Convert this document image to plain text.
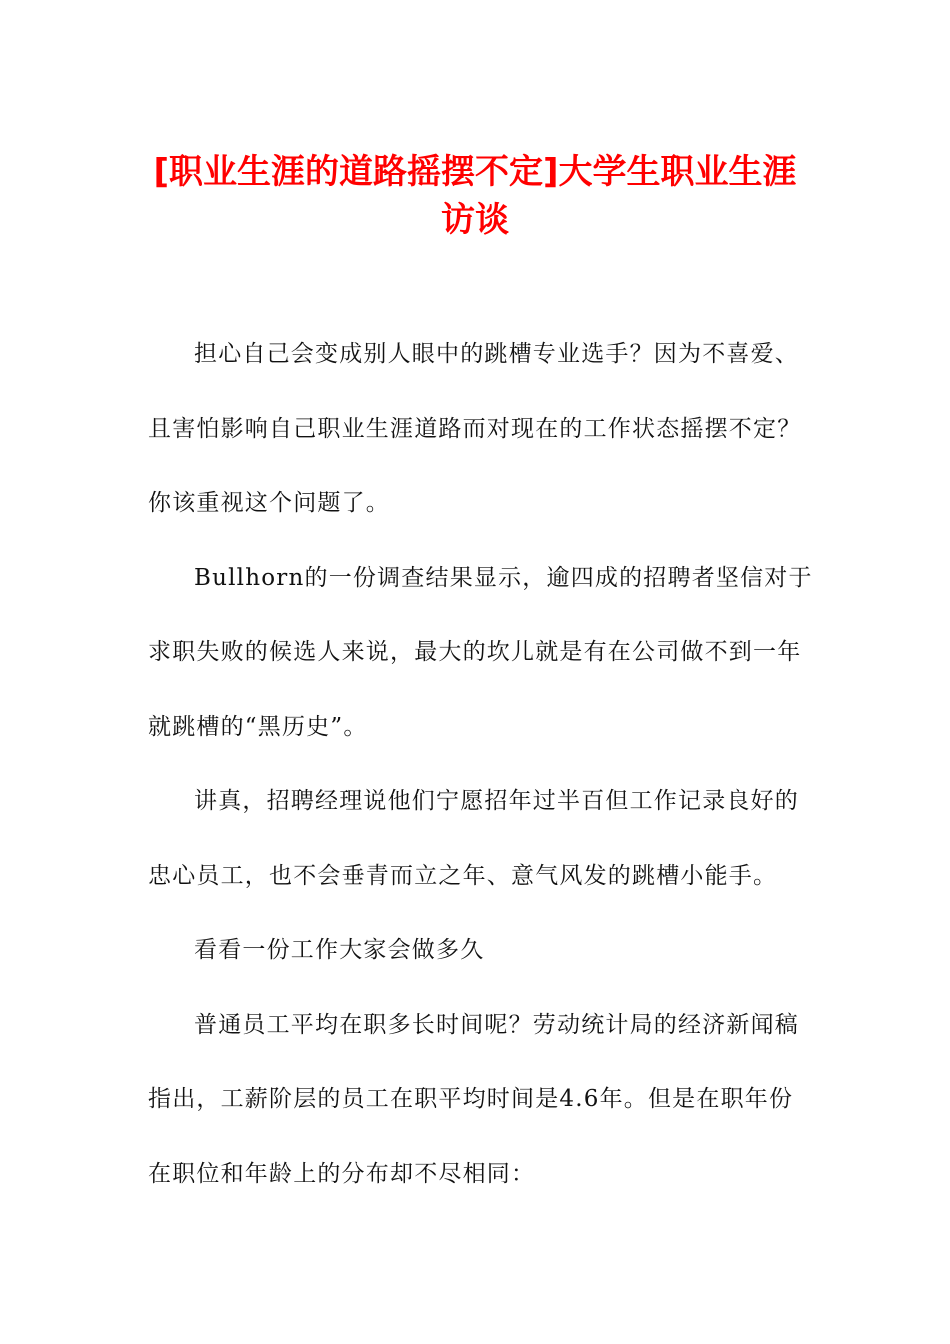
[职业生涯的道路摇摆不定]大学生职业生涯
访谈
担心自己会变成别人眼中的跳槽专业选手？因为不喜爱、
且害怕影响自己职业生涯道路而对现在的工作状态摇摆不定？
你该重视这个问题了。
Bullhorn的一份调查结果显示，逾四成的招聘者坚信对于
求职失败的候选人来说，最大的坎儿就是有在公司做不到一年
就跳槽的“黑历史”。
讲真，招聘经理说他们宁愿招年过半百但工作记录良好的
忠心员工，也不会垂青而立之年、意气风发的跳槽小能手。
看看一份工作大家会做多久
普通员工平均在职多长时间呢？劳动统计局的经济新闻稿
指出，工薪阶层的员工在职平均时间是4.6年。但是在职年份
在职位和年龄上的分布却不尽相同：
